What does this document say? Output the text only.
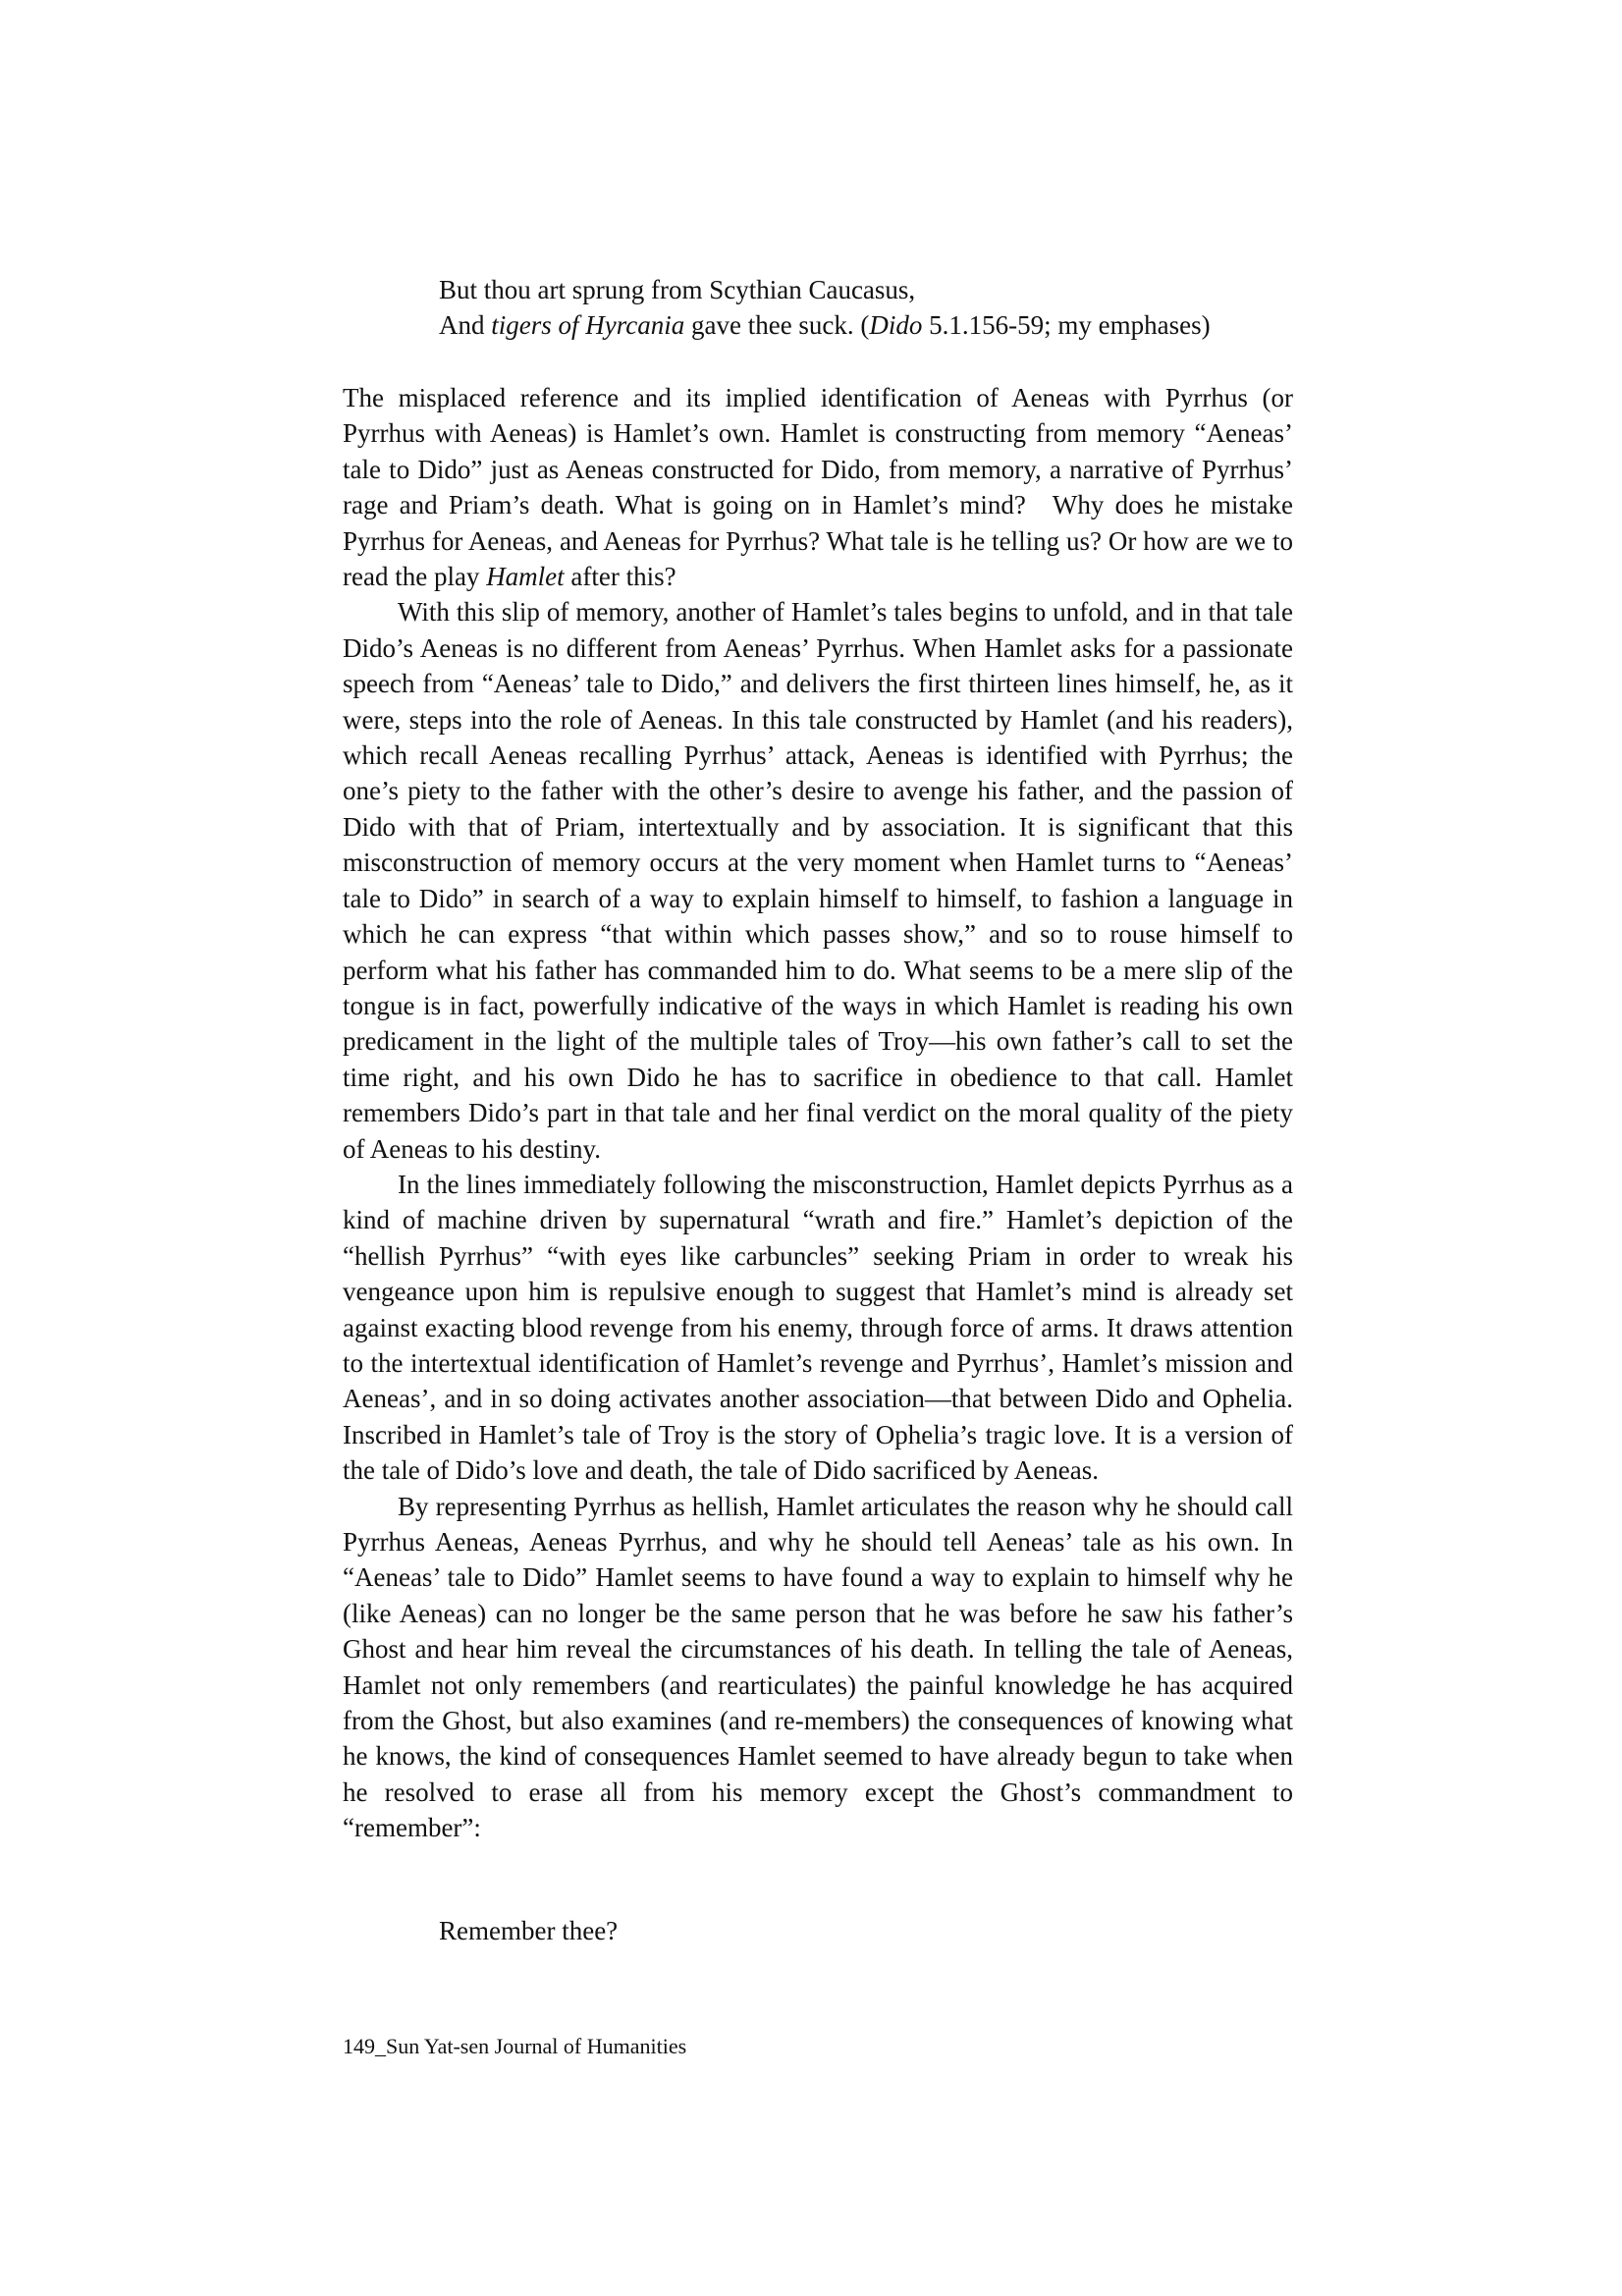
But thou art sprung from Scythian Caucasus,
And tigers of Hyrcania gave thee suck. (Dido 5.1.156-59; my emphases)

The misplaced reference and its implied identification of Aeneas with Pyrrhus (or Pyrrhus with Aeneas) is Hamlet’s own. Hamlet is constructing from memory “Aeneas’ tale to Dido” just as Aeneas constructed for Dido, from memory, a narrative of Pyrrhus’ rage and Priam’s death. What is going on in Hamlet’s mind? Why does he mistake Pyrrhus for Aeneas, and Aeneas for Pyrrhus? What tale is he telling us? Or how are we to read the play Hamlet after this?

With this slip of memory, another of Hamlet’s tales begins to unfold, and in that tale Dido’s Aeneas is no different from Aeneas’ Pyrrhus. When Hamlet asks for a passionate speech from “Aeneas’ tale to Dido,” and delivers the first thirteen lines himself, he, as it were, steps into the role of Aeneas. In this tale constructed by Hamlet (and his readers), which recall Aeneas recalling Pyrrhus’ attack, Aeneas is identified with Pyrrhus; the one’s piety to the father with the other’s desire to avenge his father, and the passion of Dido with that of Priam, intertextually and by association. It is significant that this misconstruction of memory occurs at the very moment when Hamlet turns to “Aeneas’ tale to Dido” in search of a way to explain himself to himself, to fashion a language in which he can express “that within which passes show,” and so to rouse himself to perform what his father has commanded him to do. What seems to be a mere slip of the tongue is in fact, powerfully indicative of the ways in which Hamlet is reading his own predicament in the light of the multiple tales of Troy—his own father’s call to set the time right, and his own Dido he has to sacrifice in obedience to that call. Hamlet remembers Dido’s part in that tale and her final verdict on the moral quality of the piety of Aeneas to his destiny.

In the lines immediately following the misconstruction, Hamlet depicts Pyrrhus as a kind of machine driven by supernatural “wrath and fire.” Hamlet’s depiction of the “hellish Pyrrhus” “with eyes like carbuncles” seeking Priam in order to wreak his vengeance upon him is repulsive enough to suggest that Hamlet’s mind is already set against exacting blood revenge from his enemy, through force of arms. It draws attention to the intertextual identification of Hamlet’s revenge and Pyrrhus’, Hamlet’s mission and Aeneas’, and in so doing activates another association—that between Dido and Ophelia. Inscribed in Hamlet’s tale of Troy is the story of Ophelia’s tragic love. It is a version of the tale of Dido’s love and death, the tale of Dido sacrificed by Aeneas.

By representing Pyrrhus as hellish, Hamlet articulates the reason why he should call Pyrrhus Aeneas, Aeneas Pyrrhus, and why he should tell Aeneas’ tale as his own. In “Aeneas’ tale to Dido” Hamlet seems to have found a way to explain to himself why he (like Aeneas) can no longer be the same person that he was before he saw his father’s Ghost and hear him reveal the circumstances of his death. In telling the tale of Aeneas, Hamlet not only remembers (and rearticulates) the painful knowledge he has acquired from the Ghost, but also examines (and re-members) the consequences of knowing what he knows, the kind of consequences Hamlet seemed to have already begun to take when he resolved to erase all from his memory except the Ghost’s commandment to “remember”:

Remember thee?
149_Sun Yat-sen Journal of Humanities
